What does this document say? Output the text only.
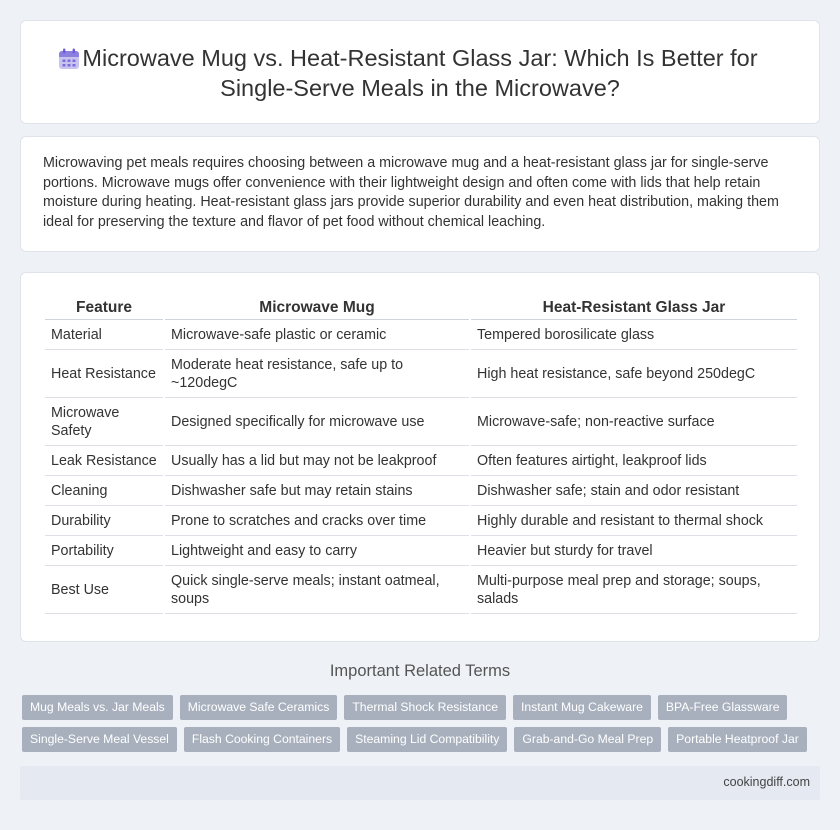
Microwave Mug vs. Heat-Resistant Glass Jar: Which Is Better for Single-Serve Meals in the Microwave?

Microwaving pet meals requires choosing between a microwave mug and a heat-resistant glass jar for single-serve portions. Microwave mugs offer convenience with their lightweight design and often come with lids that help retain moisture during heating. Heat-resistant glass jars provide superior durability and even heat distribution, making them ideal for preserving the texture and flavor of pet food without chemical leaching.

Feature	Microwave Mug	Heat-Resistant Glass Jar
Material	Microwave-safe plastic or ceramic	Tempered borosilicate glass
Heat Resistance	Moderate heat resistance, safe up to ~120degC	High heat resistance, safe beyond 250degC
Microwave Safety	Designed specifically for microwave use	Microwave-safe; non-reactive surface
Leak Resistance	Usually has a lid but may not be leakproof	Often features airtight, leakproof lids
Cleaning	Dishwasher safe but may retain stains	Dishwasher safe; stain and odor resistant
Durability	Prone to scratches and cracks over time	Highly durable and resistant to thermal shock
Portability	Lightweight and easy to carry	Heavier but sturdy for travel
Best Use	Quick single-serve meals; instant oatmeal, soups	Multi-purpose meal prep and storage; soups, salads
Important Related Terms
Mug Meals vs. Jar Meals	Microwave Safe Ceramics	Thermal Shock Resistance	Instant Mug Cakeware	BPA-Free Glassware
Single-Serve Meal Vessel	Flash Cooking Containers	Steaming Lid Compatibility	Grab-and-Go Meal Prep	Portable Heatproof Jar
cookingdiff.com
